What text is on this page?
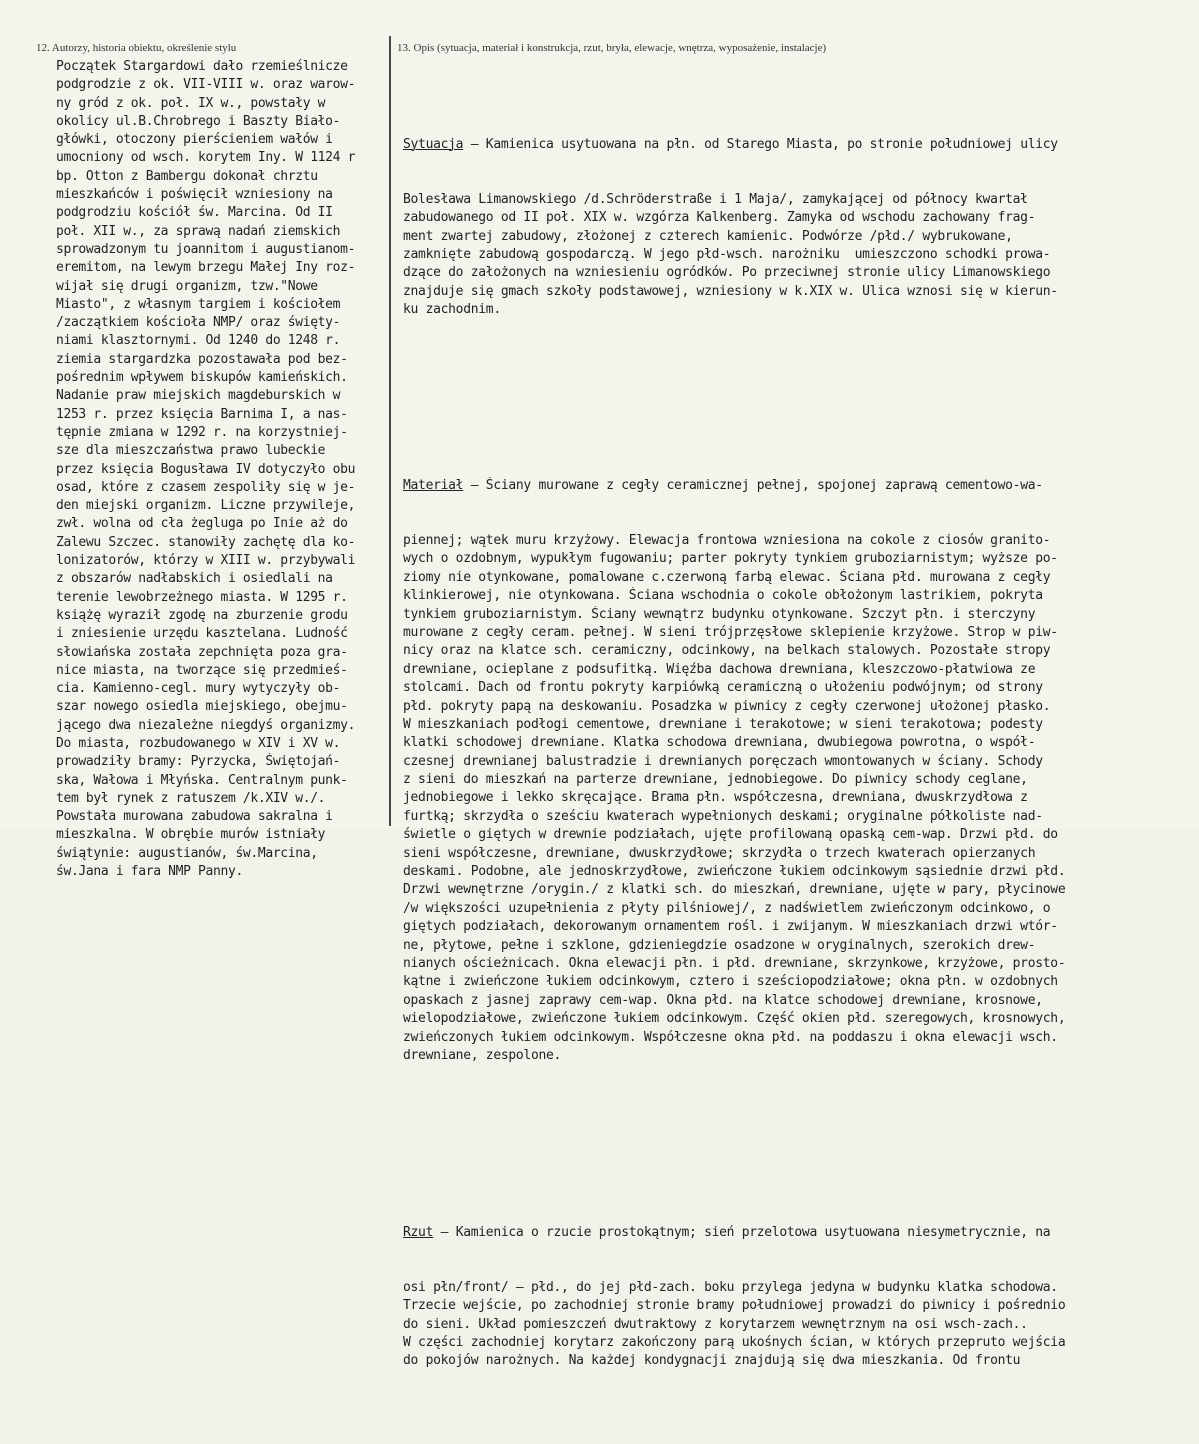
12. Autorzy, historia obiektu, określenie stylu	13. Opis (sytuacja, materiał i konstrukcja, rzut, bryła, elewacje, wnętrza, wyposażenie, instalacje)
Początek Stargardowi dało rzemieślnicze
podgrodzie z ok. VII-VIII w. oraz warow-
ny gród z ok. poł. IX w., powstały w
okolicy ul.B.Chrobrego i Baszty Biało-
główki, otoczony pierścieniem wałów i
umocniony od wsch. korytem Iny. W 1124 r
bp. Otton z Bambergu dokonał chrztu
mieszkańców i poświęcił wzniesiony na
podgrodziu kościół św. Marcina. Od II
poł. XII w., za sprawą nadań ziemskich
sprowadzonym tu joannitom i augustianom-
eremitom, na lewym brzegu Małej Iny roz-
wijał się drugi organizm, tzw."Nowe
Miasto", z własnym targiem i kościołem
/zaczątkiem kościoła NMP/ oraz święty-
niami klasztornymi. Od 1240 do 1248 r.
ziemia stargardzka pozostawała pod bez-
pośrednim wpływem biskupów kamieńskich.
Nadanie praw miejskich magdeburskich w
1253 r. przez księcia Barnima I, a nas-
tępnie zmiana w 1292 r. na korzystniej-
sze dla mieszczaństwa prawo lubeckie
przez księcia Bogusława IV dotyczyło obu
osad, które z czasem zespoliły się w je-
den miejski organizm. Liczne przywileje,
zwł. wolna od cła żegluga po Inie aż do
Zalewu Szczec. stanowiły zachętę dla ko-
lonizatorów, którzy w XIII w. przybywali
z obszarów nadłabskich i osiedlali na
terenie lewobrzeżnego miasta. W 1295 r.
książę wyraził zgodę na zburzenie grodu
i zniesienie urzędu kasztelana. Ludność
słowiańska została zepchnięta poza gra-
nice miasta, na tworzące się przedmieś-
cia. Kamienno-cegl. mury wytyczyły ob-
szar nowego osiedla miejskiego, obejmu-
jącego dwa niezależne niegdyś organizmy.
Do miasta, rozbudowanego w XIV i XV w.
prowadziły bramy: Pyrzycka, Świętojań-
ska, Wałowa i Młyńska. Centralnym punk-
tem był rynek z ratuszem /k.XIV w./.
Powstała murowana zabudowa sakralna i
mieszkalna. W obrębie murów istniały
świątynie: augustianów, św.Marcina,
św.Jana i fara NMP Panny.

Sytuacja – Kamienica usytuowana na płn. od Starego Miasta, po stronie południowej ulicy

Bolesława Limanowskiego /d.Schröderstraße i 1 Maja/, zamykającej od północy kwartał
zabudowanego od II poł. XIX w. wzgórza Kalkenberg. Zamyka od wschodu zachowany frag-
ment zwartej zabudowy, złożonej z czterech kamienic. Podwórze /płd./ wybrukowane,
zamknięte zabudową gospodarczą. W jego płd-wsch. narożniku  umieszczono schodki prowa-
dzące do założonych na wzniesieniu ogródków. Po przeciwnej stronie ulicy Limanowskiego
znajduje się gmach szkoły podstawowej, wzniesiony w k.XIX w. Ulica wznosi się w kierun-
ku zachodnim.

Materiał – Ściany murowane z cegły ceramicznej pełnej, spojonej zaprawą cementowo-wa-

piennej; wątek muru krzyżowy. Elewacja frontowa wzniesiona na cokole z ciosów granito-
wych o ozdobnym, wypukłym fugowaniu; parter pokryty tynkiem gruboziarnistym; wyższe po-
ziomy nie otynkowane, pomalowane c.czerwoną farbą elewac. Ściana płd. murowana z cegły
klinkierowej, nie otynkowana. Ściana wschodnia o cokole obłożonym lastrikiem, pokryta
tynkiem gruboziarnistym. Ściany wewnątrz budynku otynkowane. Szczyt płn. i sterczyny
murowane z cegły ceram. pełnej. W sieni trójprzęsłowe sklepienie krzyżowe. Strop w piw-
nicy oraz na klatce sch. ceramiczny, odcinkowy, na belkach stalowych. Pozostałe stropy
drewniane, ocieplane z podsufitką. Więźba dachowa drewniana, kleszczowo-płatwiowa ze
stolcami. Dach od frontu pokryty karpiówką ceramiczną o ułożeniu podwójnym; od strony
płd. pokryty papą na deskowaniu. Posadzka w piwnicy z cegły czerwonej ułożonej płasko.
W mieszkaniach podłogi cementowe, drewniane i terakotowe; w sieni terakotowa; podesty
klatki schodowej drewniane. Klatka schodowa drewniana, dwubiegowa powrotna, o współ-
czesnej drewnianej balustradzie i drewnianych poręczach wmontowanych w ściany. Schody
z sieni do mieszkań na parterze drewniane, jednobiegowe. Do piwnicy schody ceglane,
jednobiegowe i lekko skręcające. Brama płn. współczesna, drewniana, dwuskrzydłowa z
furtką; skrzydła o sześciu kwaterach wypełnionych deskami; oryginalne półkoliste nad-
świetle o giętych w drewnie podziałach, ujęte profilowaną opaską cem-wap. Drzwi płd. do
sieni współczesne, drewniane, dwuskrzydłowe; skrzydła o trzech kwaterach opierzanych
deskami. Podobne, ale jednoskrzydłowe, zwieńczone łukiem odcinkowym sąsiednie drzwi płd.
Drzwi wewnętrzne /orygin./ z klatki sch. do mieszkań, drewniane, ujęte w pary, płycinowe
/w większości uzupełnienia z płyty pilśniowej/, z nadświetlem zwieńczonym odcinkowo, o
giętych podziałach, dekorowanym ornamentem rośl. i zwijanym. W mieszkaniach drzwi wtór-
ne, płytowe, pełne i szklone, gdzieniegdzie osadzone w oryginalnych, szerokich drew-
nianych ościeżnicach. Okna elewacji płn. i płd. drewniane, skrzynkowe, krzyżowe, prosto-
kątne i zwieńczone łukiem odcinkowym, cztero i sześciopodziałowe; okna płn. w ozdobnych
opaskach z jasnej zaprawy cem-wap. Okna płd. na klatce schodowej drewniane, krosnowe,
wielopodziałowe, zwieńczone łukiem odcinkowym. Część okien płd. szeregowych, krosnowych,
zwieńczonych łukiem odcinkowym. Współczesne okna płd. na poddaszu i okna elewacji wsch.
drewniane, zespolone.

Rzut – Kamienica o rzucie prostokątnym; sień przelotowa usytuowana niesymetrycznie, na

osi płn/front/ – płd., do jej płd-zach. boku przylega jedyna w budynku klatka schodowa.
Trzecie wejście, po zachodniej stronie bramy południowej prowadzi do piwnicy i pośrednio
do sieni. Układ pomieszczeń dwutraktowy z korytarzem wewnętrznym na osi wsch-zach..
W części zachodniej korytarz zakończony parą ukośnych ścian, w których przepruto wejścia
do pokojów narożnych. Na każdej kondygnacji znajdują się dwa mieszkania. Od frontu
